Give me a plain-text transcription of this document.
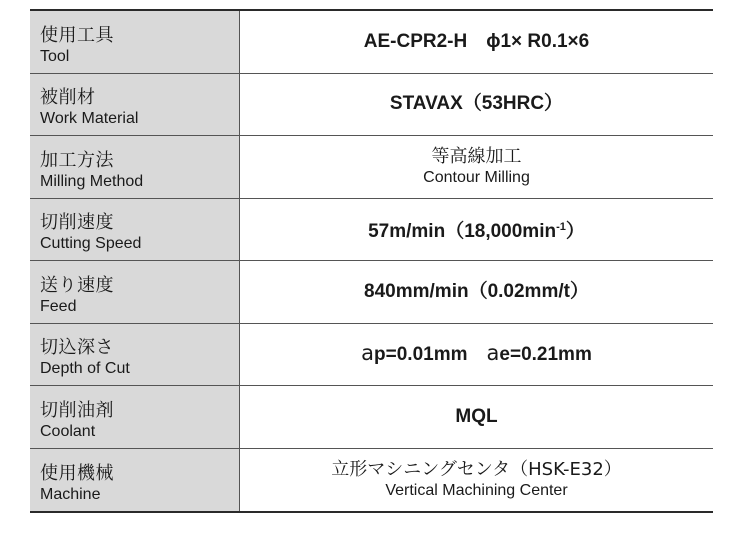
使用工具
Tool
AE-CPR2-H　ϕ1× R0.1×6
被削材
Work Material
STAVAX（53HRC）
加工方法
Milling Method
等高線加工
Contour Milling
切削速度
Cutting Speed
$57m/\min(18,000\min^{-1})$
送り速度
Feed
840mm/min（0.02mm/t）
切込深さ
Depth of Cut
ap=0.01mm　 ae=0.21mm
切削油剤
Coolant
MQL
使用機械
Machine
立形マシニングセンタ（HSK-E32）
Vertical Machining Center
